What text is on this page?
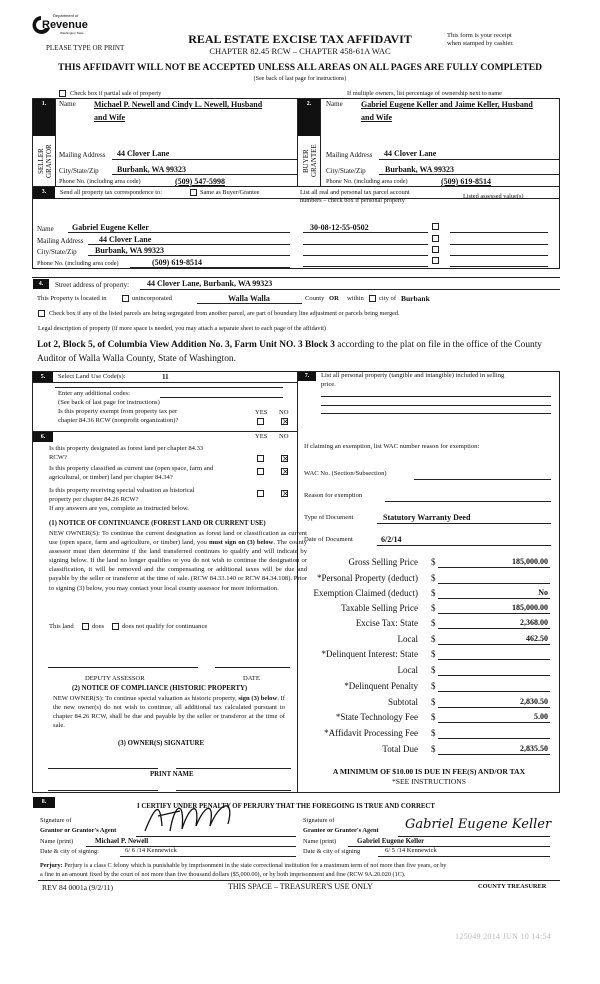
Department of
Revenue
Washington State
PLEASE TYPE OR PRINT
REAL ESTATE EXCISE TAX AFFIDAVIT
CHAPTER 82.45 RCW – CHAPTER 458-61A WAC
This form is your receipt
when stamped by cashier.
THIS AFFIDAVIT WILL NOT BE ACCEPTED UNLESS ALL AREAS ON ALL PAGES ARE FULLY COMPLETED
(See back of last page for instructions)
Check box if partial sale of property	If multiple owners, list percentage of ownership next to name
1.
SELLER GRANTOR
Name Michael P. Newell and Cindy L. Newell, Husband
and Wife
Mailing Address 44 Clover Lane
City/State/Zip Burbank, WA 99323
Phone No. (including area code)	(509) 547-5998
2.
BUYER GRANTEE
Name Gabriel Eugene Keller and Jaime Keller, Husband
and Wife
Mailing Address 44 Clover Lane
City/State/Zip Burbank, WA 99323
Phone No. (including area code)	(509) 619-8514
3.	Send all property tax correspondence to:	Same as Buyer/Grantee	List all real and personal tax parcel account
numbers – check box if personal property
Listed assessed value(s)
Name Gabriel Eugene Keller
Mailing Address 44 Clover Lane
City/State/Zip Burbank, WA 99323
Phone No. (including area code)	(509) 619-8514
30-08-12-55-0502
4.	Street address of property: 44 Clover Lane, Burbank, WA 99323
This Property is located in	unincorporated	Walla Walla	County OR within city of Burbank
Check box if any of the listed parcels are being segregated from another parcel, are part of boundary line adjustment or parcels being merged.
Legal description of property (if more space is needed, you may attach a separate sheet to each page of the affidavit)
Lot 2, Block 5, of Columbia View Addition No. 3, Farm Unit NO. 3 Block 3 according to the plat on file in the office of the County
Auditor of Walla Walla County, State of Washington.
5.	Select Land Use Code(s):	11
Enter any additional codes:
(See back of last page for instructions)
Is this property exempt from property tax per
chapter 84.36 RCW (nonprofit organization)?
YES NO
×
6.	YES NO
Is this property designated as forest land per chapter 84.33
RCW?	×
Is this property classified as current use (open space, farm and
agricultural, or timber) land per chapter 84.34?
×
Is this property receiving special valuation as historical
property per chapter 84.26 RCW?
×
If any answers are yes, complete as instructed below.
(1) NOTICE OF CONTINUANCE (FOREST LAND OR CURRENT USE)
NEW OWNER(S): To continue the current designation as forest land or classification as current use (open space, farm and agriculture, or timber) land, you must sign on (3) below. The county assessor must then determine if the land transferred continues to qualify and will indicate by signing below. If the land no longer qualifies or you do not wish to continue the designation or classification, it will be removed and the compensating or additional taxes will be due and payable by the seller or transferor at the time of sale. (RCW 84.33.140 or RCW 84.34.108). Prior to signing (3) below, you may contact your local county assessor for more information.
This land	does	does not qualify for continuance
DEPUTY ASSESSOR	DATE
(2) NOTICE OF COMPLIANCE (HISTORIC PROPERTY)
NEW OWNER(S): To continue special valuation as historic property, sign (3) below. If the new owner(s) do not wish to continue, all additional tax calculated pursuant to chapter 84.26 RCW, shall be due and payable by the seller or transferor at the time of sale.
(3) OWNER(S) SIGNATURE
PRINT NAME
7.	List all personal property (tangible and intangible) included in selling
price.
If claiming an exemption, list WAC number reason for exemption:
WAC No. (Section/Subsection)
Reason for exemption
Type of Document	Statutory Warranty Deed
Date of Document	6/2/14
Gross Selling Price $	185,000.00
*Personal Property (deduct) $
Exemption Claimed (deduct) $	No
Taxable Selling Price $	185,000.00
Excise Tax: State $	2,368.00
Local $	462.50
*Delinquent Interest: State $
Local $
*Delinquent Penalty $
Subtotal $	2,830.50
*State Technology Fee $	5.00
*Affidavit Processing Fee $
Total Due $	2,835.50
A MINIMUM OF $10.00 IS DUE IN FEE(S) AND/OR TAX
*SEE INSTRUCTIONS
8.
I CERTIFY UNDER PENALTY OF PERJURY THAT THE FOREGOING IS TRUE AND CORRECT
Signature of
Grantor or Grantor's Agent
Name (print)	Michael P. Newell
Date & city of signing:	6/ 6 /14 Kennewick
Signature of
Grantee or Grantee's Agent Gabriel Eugene Keller
Name (print)	Gabriel Eugene Keller
Date & city of signing	6/ 5 /14 Kennewick
Perjury: Perjury is a class C felony which is punishable by imprisonment in the state correctional institution for a maximum term of not more than five years, or by
a fine in an amount fixed by the court of not more than five thousand dollars ($5,000.00), or by both imprisonment and fine (RCW 9A.20.020 (1C).
REV 84 0001a (9/2/11)	THIS SPACE – TREASURER'S USE ONLY	COUNTY TREASURER
125049 2014 JUN 10 14:54
